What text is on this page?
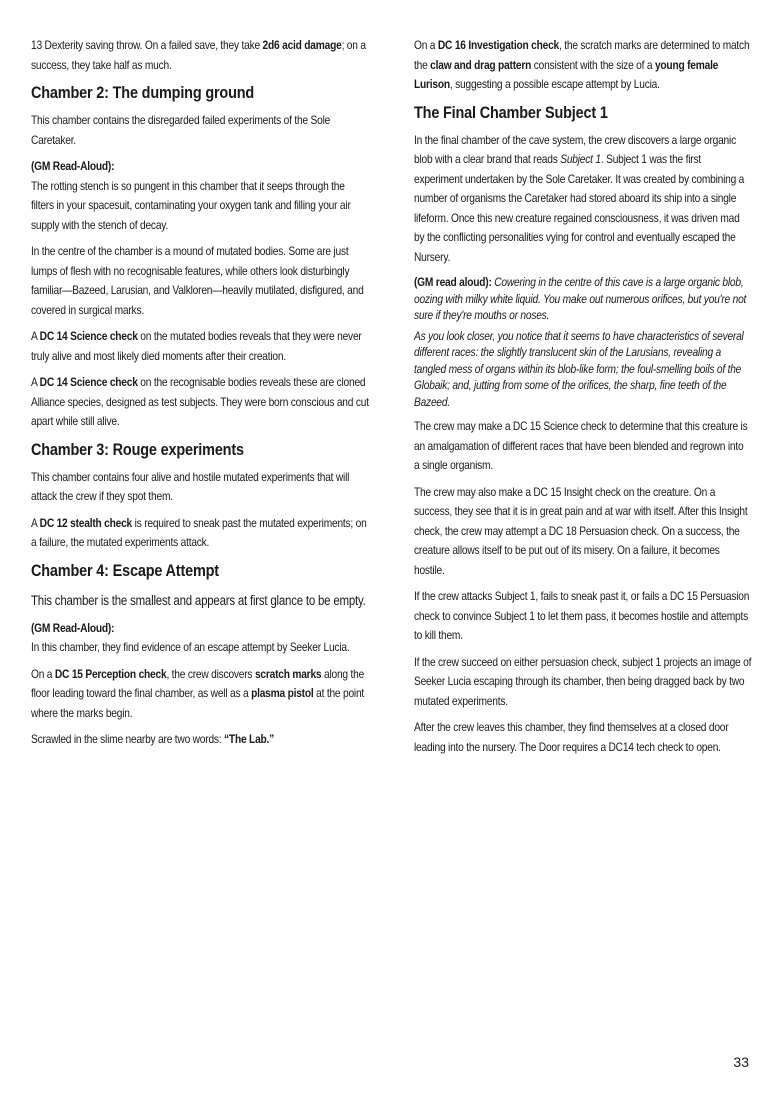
13 Dexterity saving throw. On a failed save, they take 2d6 acid damage; on a success, they take half as much.

Chamber 2: The dumping ground

This chamber contains the disregarded failed experiments of the Sole Caretaker.

(GM Read-Aloud):
The rotting stench is so pungent in this chamber that it seeps through the filters in your spacesuit, contaminating your oxygen tank and filling your air supply with the stench of decay.

In the centre of the chamber is a mound of mutated bodies. Some are just lumps of flesh with no recognisable features, while others look disturbingly familiar—Bazeed, Larusian, and Valkloren—heavily mutilated, disfigured, and covered in surgical marks.

A DC 14 Science check on the mutated bodies reveals that they were never truly alive and most likely died moments after their creation.

A DC 14 Science check on the recognisable bodies reveals these are cloned Alliance species, designed as test subjects. They were born conscious and cut apart while still alive.

Chamber 3: Rouge experiments

This chamber contains four alive and hostile mutated experiments that will attack the crew if they spot them.

A DC 12 stealth check is required to sneak past the mutated experiments; on a failure, the mutated experiments attack.

Chamber 4: Escape Attempt

This chamber is the smallest and appears at first glance to be empty.

(GM Read-Aloud):
In this chamber, they find evidence of an escape attempt by Seeker Lucia.

On a DC 15 Perception check, the crew discovers scratch marks along the floor leading toward the final chamber, as well as a plasma pistol at the point where the marks begin.

Scrawled in the slime nearby are two words: “The Lab.”

On a DC 16 Investigation check, the scratch marks are determined to match the claw and drag pattern consistent with the size of a young female Lurison, suggesting a possible escape attempt by Lucia.

The Final Chamber Subject 1

In the final chamber of the cave system, the crew discovers a large organic blob with a clear brand that reads Subject 1. Subject 1 was the first experiment undertaken by the Sole Caretaker. It was created by combining a number of organisms the Caretaker had stored aboard its ship into a single lifeform. Once this new creature regained consciousness, it was driven mad by the conflicting personalities vying for control and eventually escaped the Nursery.

(GM read aloud): Cowering in the centre of this cave is a large organic blob, oozing with milky white liquid. You make out numerous orifices, but you're not sure if they're mouths or noses.

As you look closer, you notice that it seems to have characteristics of several different races: the slightly translucent skin of the Larusians, revealing a tangled mess of organs within its blob-like form; the foul-smelling boils of the Globaik; and, jutting from some of the orifices, the sharp, fine teeth of the Bazeed.

The crew may make a DC 15 Science check to determine that this creature is an amalgamation of different races that have been blended and regrown into a single organism.

The crew may also make a DC 15 Insight check on the creature. On a success, they see that it is in great pain and at war with itself. After this Insight check, the crew may attempt a DC 18 Persuasion check. On a success, the creature allows itself to be put out of its misery. On a failure, it becomes hostile.

If the crew attacks Subject 1, fails to sneak past it, or fails a DC 15 Persuasion check to convince Subject 1 to let them pass, it becomes hostile and attempts to kill them.

If the crew succeed on either persuasion check, subject 1 projects an image of Seeker Lucia escaping through its chamber, then being dragged back by two mutated experiments.

After the crew leaves this chamber, they find themselves at a closed door leading into the nursery. The Door requires a DC14 tech check to open.

33
